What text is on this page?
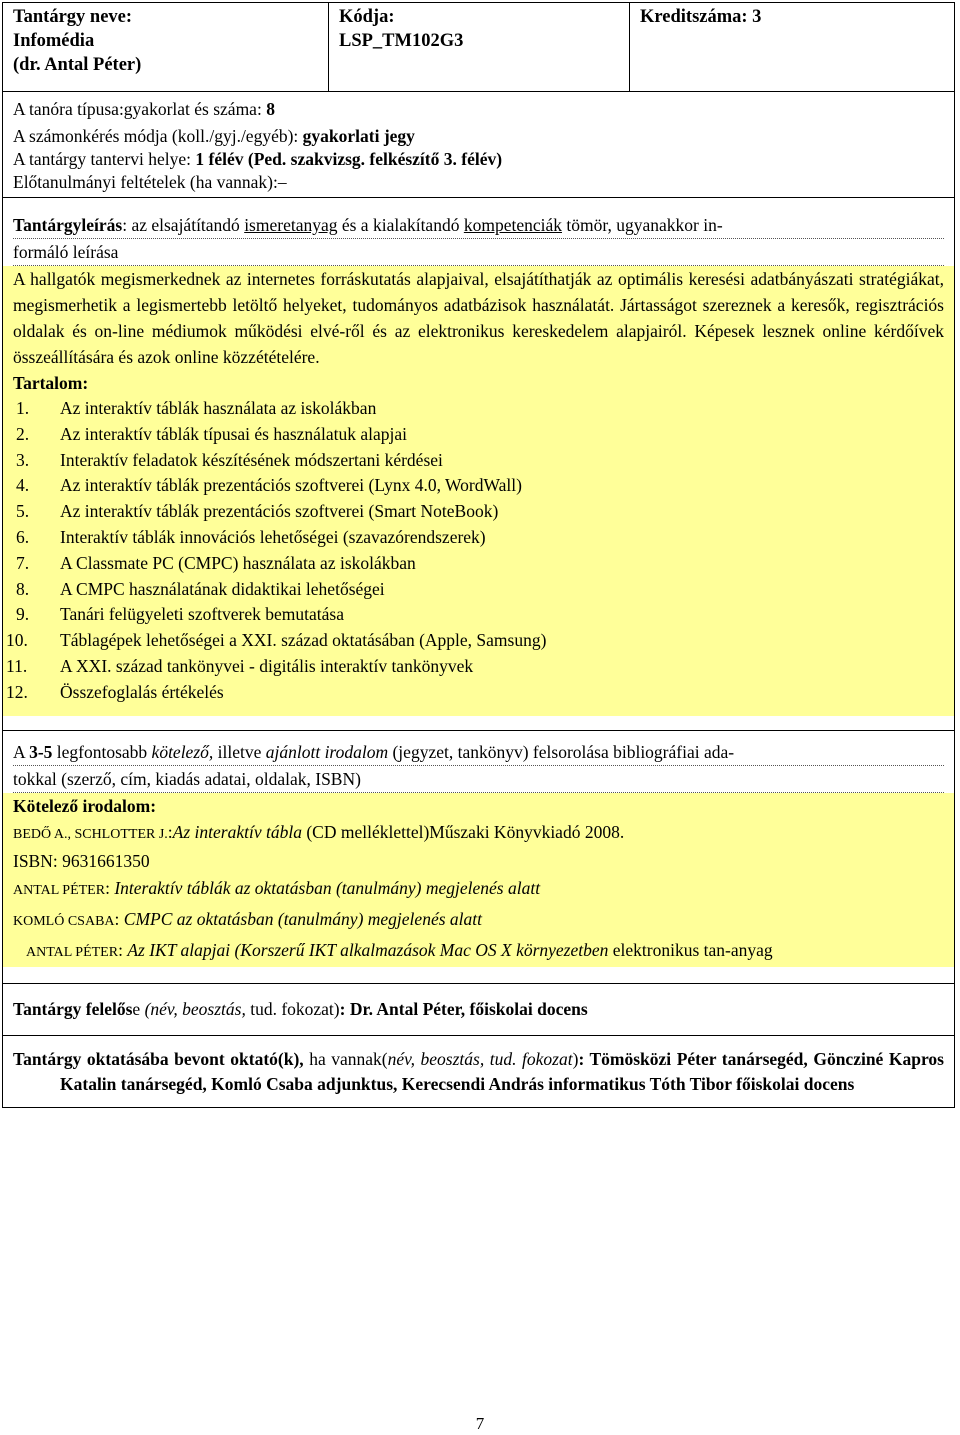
Tantárgy neve:
Infomédia
(dr. Antal Péter)

Kódja:
LSP_TM102G3

Kreditszáma: 3

A tanóra típusa:gyakorlat és száma: 8
A számonkérés módja (koll./gyj./egyéb): gyakorlati jegy
A tantárgy tantervi helye: 1 félév (Ped. szakvizsg. felkészítő 3. félév)
Előtanulmányi feltételek (ha vannak):–

Tantárgyleírás: az elsajátítandó ismeretanyag és a kialakítandó kompetenciák tömör, ugyanakkor in-
formáló leírása
A hallgatók megismerkednek az internetes forráskutatás alapjaival, elsajátíthatják az optimális keresési adatbányászati stratégiákat, megismerhetik a legismertebb letöltő helyeket, tudományos adatbázisok használatát. Jártasságot szereznek a keresők, regisztrációs oldalak és on-line médiumok működési elvé-ről és az elektronikus kereskedelem alapjairól. Képesek lesznek online kérdőívek összeállítására és azok online közzétételére.
Tartalom:
1.	Az interaktív táblák használata az iskolákban
2.	Az interaktív táblák típusai és használatuk alapjai
3.	Interaktív feladatok készítésének módszertani kérdései
4.	Az interaktív táblák prezentációs szoftverei (Lynx 4.0, WordWall)
5.	Az interaktív táblák prezentációs szoftverei (Smart NoteBook)
6.	Interaktív táblák innovációs lehetőségei (szavazórendszerek)
7.	A Classmate PC (CMPC) használata az iskolákban
8.	A CMPC használatának didaktikai lehetőségei
9.	Tanári felügyeleti szoftverek bemutatása
10.	Táblagépek lehetőségei a XXI. század oktatásában (Apple, Samsung)
11.	A XXI. század tankönyvei - digitális interaktív tankönyvek
12.	Összefoglalás értékelés

A 3-5 legfontosabb kötelező, illetve ajánlott irodalom (jegyzet, tankönyv) felsorolása bibliográfiai ada-
tokkal (szerző, cím, kiadás adatai, oldalak, ISBN)
Kötelező irodalom:
BEDŐ A., SCHLOTTER J.:Az interaktív tábla (CD melléklettel)Műszaki Könyvkiadó 2008.
ISBN: 9631661350
ANTAL PÉTER: Interaktív táblák az oktatásban (tanulmány) megjelenés alatt
KOMLÓ CSABA: CMPC az oktatásban (tanulmány) megjelenés alatt
ANTAL PÉTER: Az IKT alapjai (Korszerű IKT alkalmazások Mac OS X környezetben elektronikus tan-anyag

Tantárgy felelőse (név, beosztás, tud. fokozat): Dr. Antal Péter, főiskolai docens
Tantárgy oktatásába bevont oktató(k), ha vannak(név, beosztás, tud. fokozat): Tömösközi Péter tanársegéd, Göncziné Kapros Katalin tanársegéd, Komló Csaba adjunktus, Kerecsendi András informatikus Tóth Tibor főiskolai docens
7
